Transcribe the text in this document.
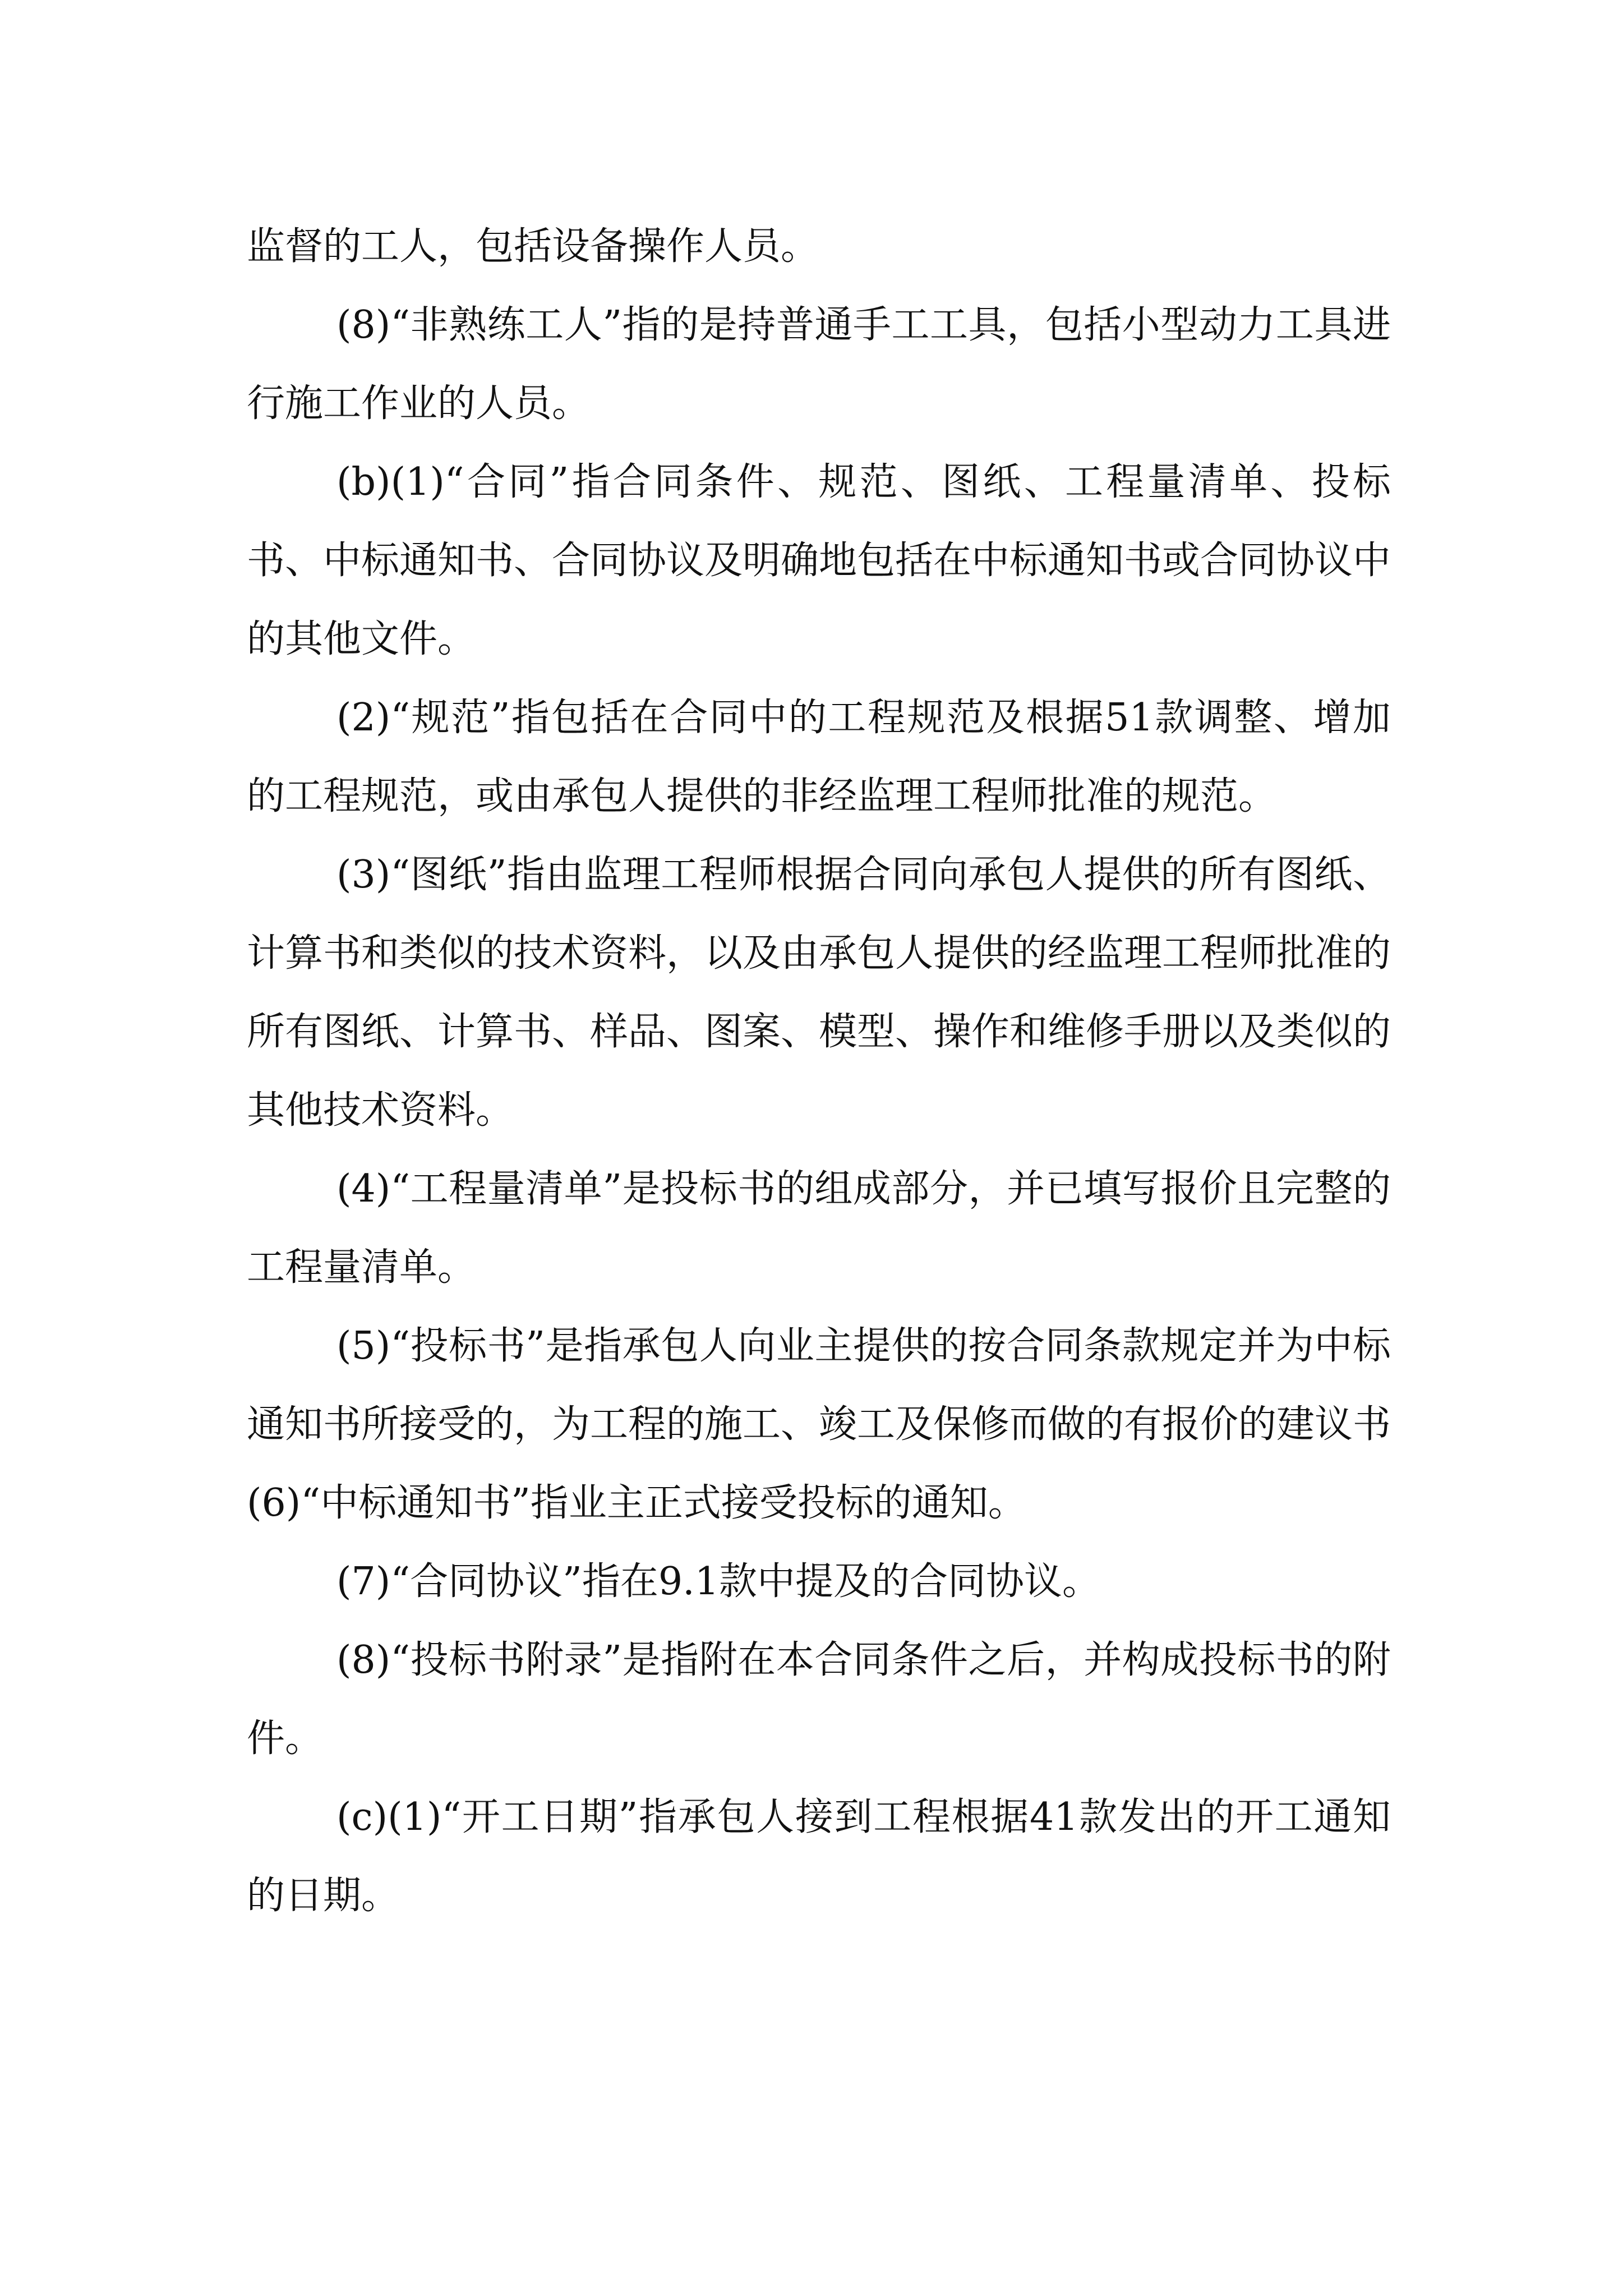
监督的工人，包括设备操作人员。

(8)“非熟练工人”指的是持普通手工工具，包括小型动力工具进行施工作业的人员。

(b)(1)“合同”指合同条件、规范、图纸、工程量清单、投标书、中标通知书、合同协议及明确地包括在中标通知书或合同协议中的其他文件。

(2)“规范”指包括在合同中的工程规范及根据51款调整、增加的工程规范，或由承包人提供的非经监理工程师批准的规范。

(3)“图纸”指由监理工程师根据合同向承包人提供的所有图纸、计算书和类似的技术资料，以及由承包人提供的经监理工程师批准的所有图纸、计算书、样品、图案、模型、操作和维修手册以及类似的其他技术资料。

(4)“工程量清单”是投标书的组成部分，并已填写报价且完整的工程量清单。

(5)“投标书”是指承包人向业主提供的按合同条款规定并为中标通知书所接受的，为工程的施工、竣工及保修而做的有报价的建议书(6)“中标通知书”指业主正式接受投标的通知。

(7)“合同协议”指在9.1款中提及的合同协议。

(8)“投标书附录”是指附在本合同条件之后，并构成投标书的附件。

(c)(1)“开工日期”指承包人接到工程根据41款发出的开工通知的日期。
